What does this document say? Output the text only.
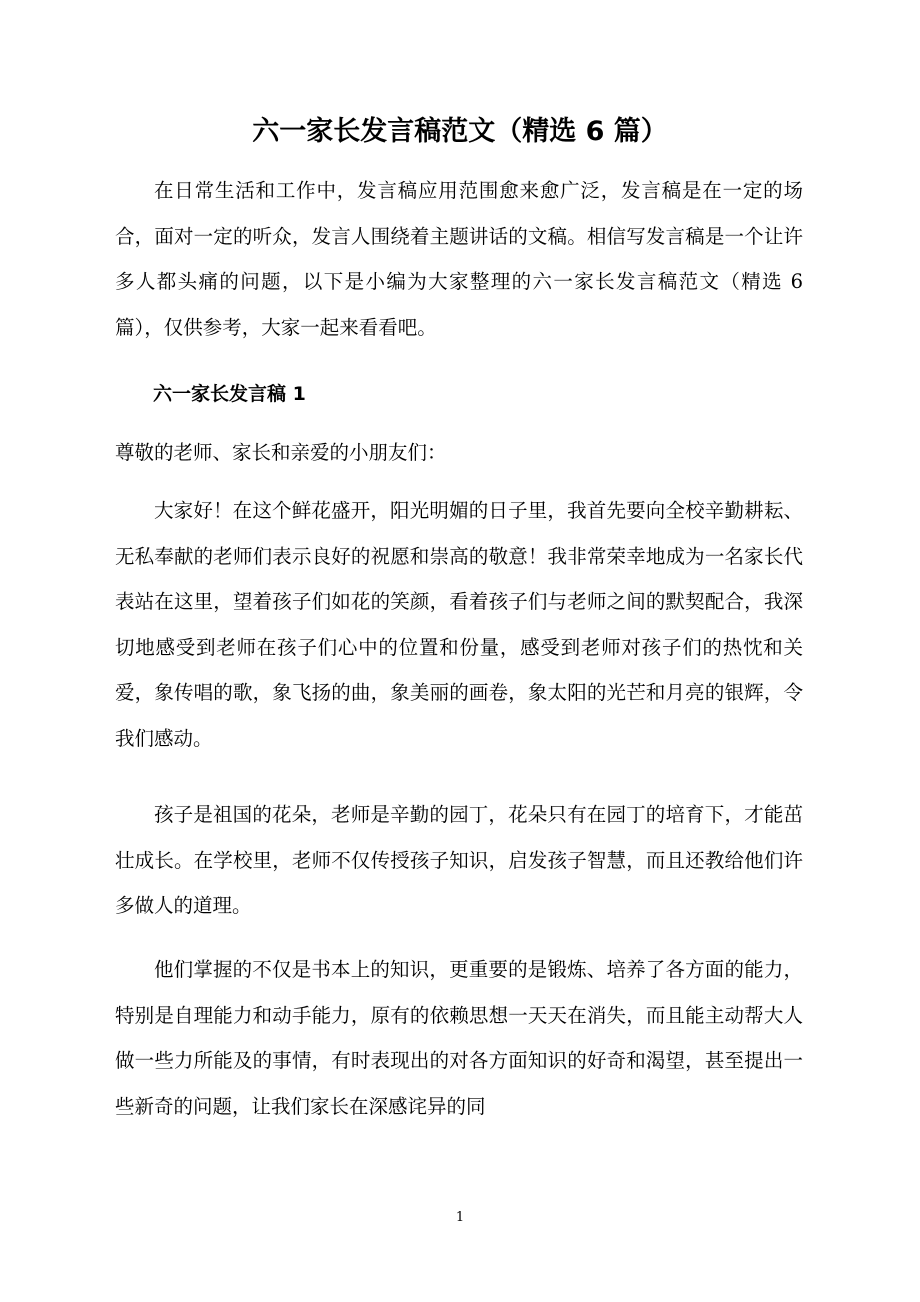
六一家长发言稿范文（精选 6 篇）

在日常生活和工作中，发言稿应用范围愈来愈广泛，发言稿是在一定的场合，面对一定的听众，发言人围绕着主题讲话的文稿。相信写发言稿是一个让许多人都头痛的问题，以下是小编为大家整理的六一家长发言稿范文（精选 6 篇），仅供参考，大家一起来看看吧。

六一家长发言稿 1

尊敬的老师、家长和亲爱的小朋友们：

大家好！在这个鲜花盛开，阳光明媚的日子里，我首先要向全校辛勤耕耘、无私奉献的老师们表示良好的祝愿和崇高的敬意！我非常荣幸地成为一名家长代表站在这里，望着孩子们如花的笑颜，看着孩子们与老师之间的默契配合，我深切地感受到老师在孩子们心中的位置和份量，感受到老师对孩子们的热忱和关爱，象传唱的歌，象飞扬的曲，象美丽的画卷，象太阳的光芒和月亮的银辉，令我们感动。

孩子是祖国的花朵，老师是辛勤的园丁，花朵只有在园丁的培育下，才能茁壮成长。在学校里，老师不仅传授孩子知识，启发孩子智慧，而且还教给他们许多做人的道理。

他们掌握的不仅是书本上的知识，更重要的是锻炼、培养了各方面的能力，特别是自理能力和动手能力，原有的依赖思想一天天在消失，而且能主动帮大人做一些力所能及的事情，有时表现出的对各方面知识的好奇和渴望，甚至提出一些新奇的问题，让我们家长在深感诧异的同

1
